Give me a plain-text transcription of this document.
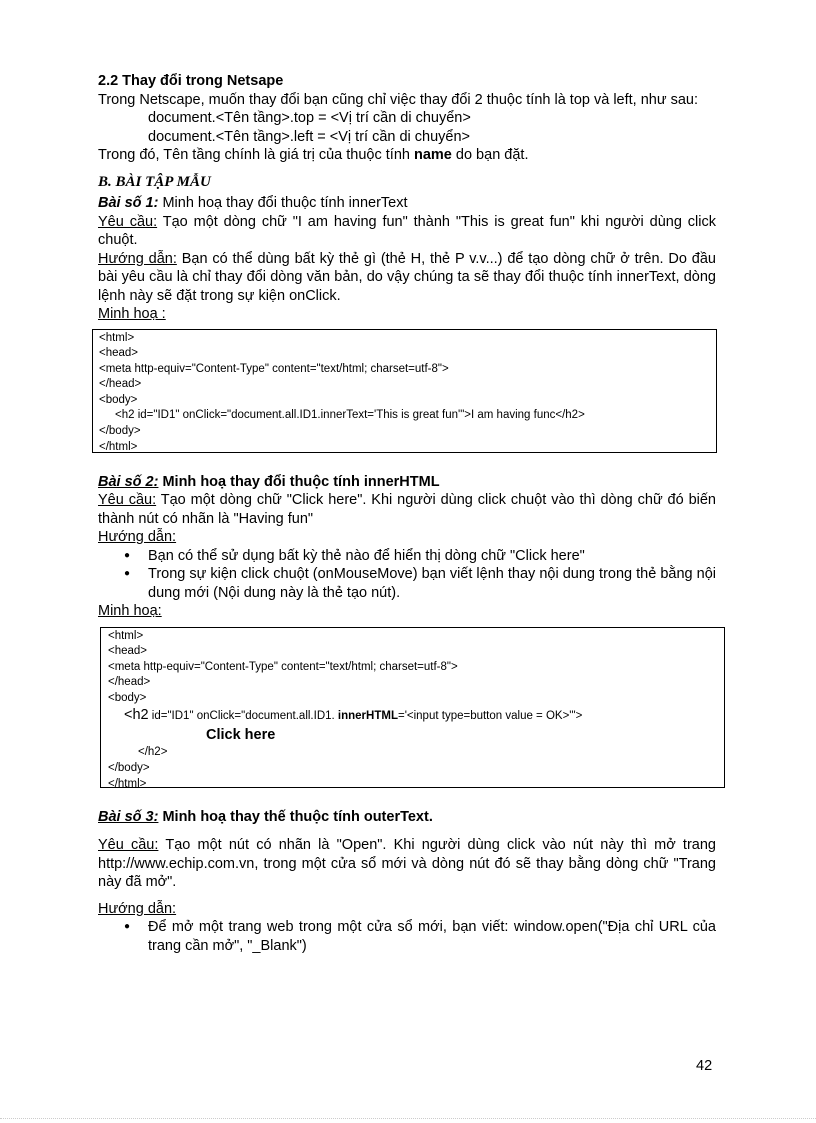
2.2 Thay đổi trong Netsape

Trong Netscape, muốn thay đổi bạn cũng chỉ việc thay đổi 2 thuộc tính là top và left, như sau:

document.<Tên tầng>.top = <Vị trí cần di chuyển>

document.<Tên tầng>.left = <Vị trí cần di chuyển>

Trong đó, Tên tầng chính là giá trị của thuộc tính name do bạn đặt.

B. BÀI TẬP MẪU

Bài số 1: Minh hoạ thay đổi thuộc tính innerText

Yêu cầu: Tạo một dòng chữ "I am having fun" thành "This is great fun" khi người dùng click chuột.

Hướng dẫn: Bạn có thể dùng bất kỳ thẻ gì (thẻ H, thẻ P v.v...) để tạo dòng chữ ở trên. Do đầu bài yêu cầu là chỉ thay đổi dòng văn bản, do vậy chúng ta sẽ thay đổi thuộc tính innerText, dòng lệnh này sẽ đặt trong sự kiện onClick.

Minh hoạ :

<html>
<head>
<meta http-equiv="Content-Type" content="text/html; charset=utf-8">
</head>
<body>
<h2 id="ID1" onClick="document.all.ID1.innerText='This is great fun'">I am having func</h2>
</body>
</html>

Bài số 2: Minh hoạ thay đổi thuộc tính innerHTML

Yêu cầu: Tạo một dòng chữ "Click here". Khi người dùng click chuột vào thì dòng chữ đó biến thành nút có nhãn là "Having fun"

Hướng dẫn:

● Bạn có thể sử dụng bất kỳ thẻ nào để hiển thị dòng chữ "Click here"
● Trong sự kiện click chuột (onMouseMove) bạn viết lệnh thay nội dung trong thẻ bằng nội dung mới (Nội dung này là thẻ tạo nút).

Minh hoạ:

<html>
<head>
<meta http-equiv="Content-Type" content="text/html; charset=utf-8">
</head>
<body>
<h2 id="ID1" onClick="document.all.ID1. innerHTML='<input type=button value = OK>'">
Click here
</h2>
</body>
</html>

Bài số 3: Minh hoạ thay thế thuộc tính outerText.

Yêu cầu: Tạo một nút có nhãn là "Open". Khi người dùng click vào nút này thì mở trang http://www.echip.com.vn, trong một cửa sổ mới và dòng nút đó sẽ thay bằng dòng chữ "Trang này đã mở".

Hướng dẫn:

● Để mở một trang web trong một cửa sổ mới, bạn viết: window.open("Địa chỉ URL của trang cần mở", "_Blank")
42
